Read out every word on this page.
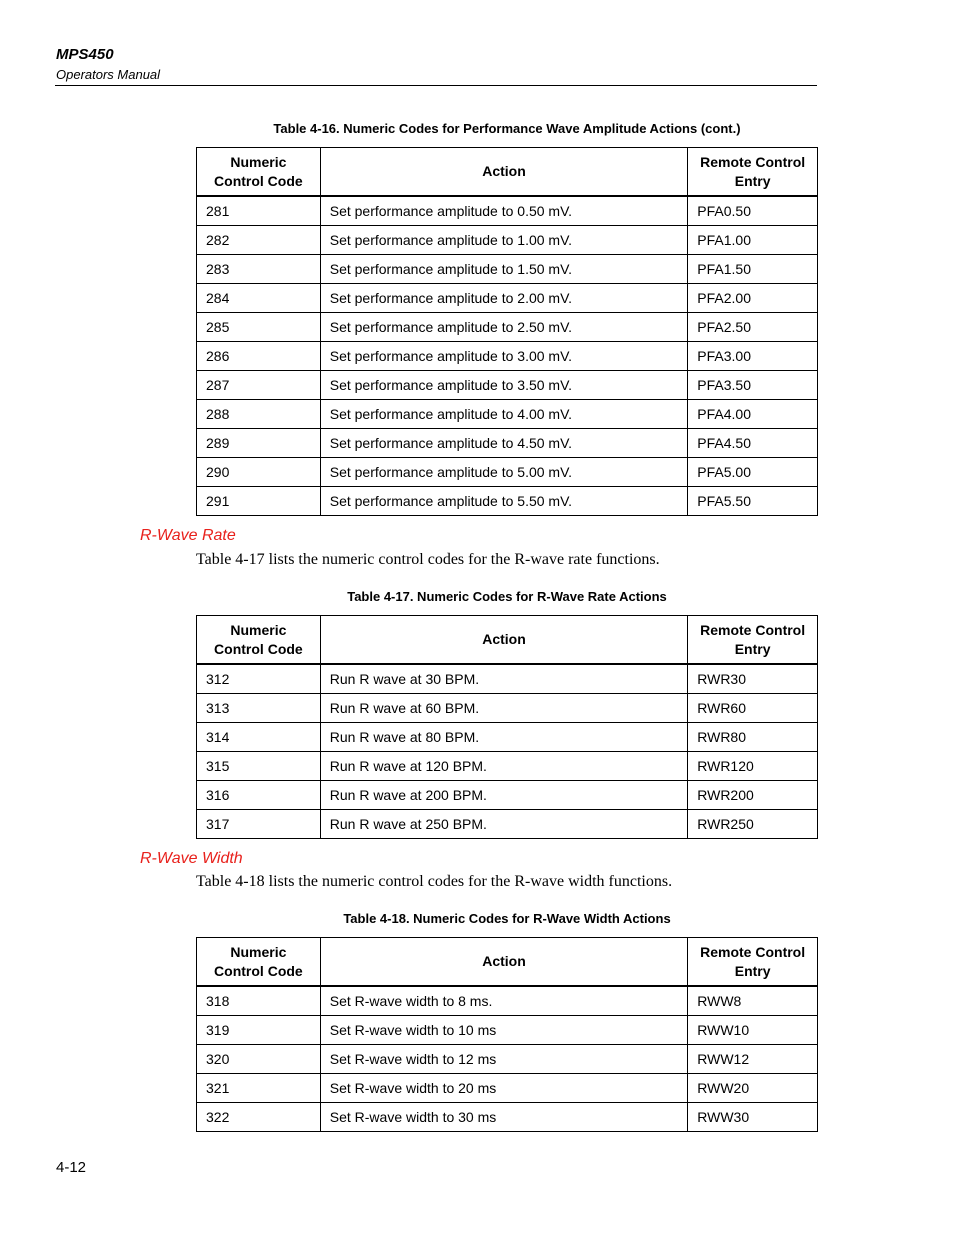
MPS450
Operators Manual
Table 4-16. Numeric Codes for Performance Wave Amplitude Actions (cont.)
Numeric
Control Code	Action	Remote Control
Entry
281	Set performance amplitude to 0.50 mV.	PFA0.50
282	Set performance amplitude to 1.00 mV.	PFA1.00
283	Set performance amplitude to 1.50 mV.	PFA1.50
284	Set performance amplitude to 2.00 mV.	PFA2.00
285	Set performance amplitude to 2.50 mV.	PFA2.50
286	Set performance amplitude to 3.00 mV.	PFA3.00
287	Set performance amplitude to 3.50 mV.	PFA3.50
288	Set performance amplitude to 4.00 mV.	PFA4.00
289	Set performance amplitude to 4.50 mV.	PFA4.50
290	Set performance amplitude to 5.00 mV.	PFA5.00
291	Set performance amplitude to 5.50 mV.	PFA5.50
R-Wave Rate
Table 4-17 lists the numeric control codes for the R-wave rate functions.
Table 4-17. Numeric Codes for R-Wave Rate Actions
Numeric
Control Code	Action	Remote Control
Entry
312	Run R wave at 30 BPM.	RWR30
313	Run R wave at 60 BPM.	RWR60
314	Run R wave at 80 BPM.	RWR80
315	Run R wave at 120 BPM.	RWR120
316	Run R wave at 200 BPM.	RWR200
317	Run R wave at 250 BPM.	RWR250
R-Wave Width
Table 4-18 lists the numeric control codes for the R-wave width functions.
Table 4-18. Numeric Codes for R-Wave Width Actions
Numeric
Control Code	Action	Remote Control
Entry
318	Set R-wave width to 8 ms.	RWW8
319	Set R-wave width to 10 ms	RWW10
320	Set R-wave width to 12 ms	RWW12
321	Set R-wave width to 20 ms	RWW20
322	Set R-wave width to 30 ms	RWW30
4-12
